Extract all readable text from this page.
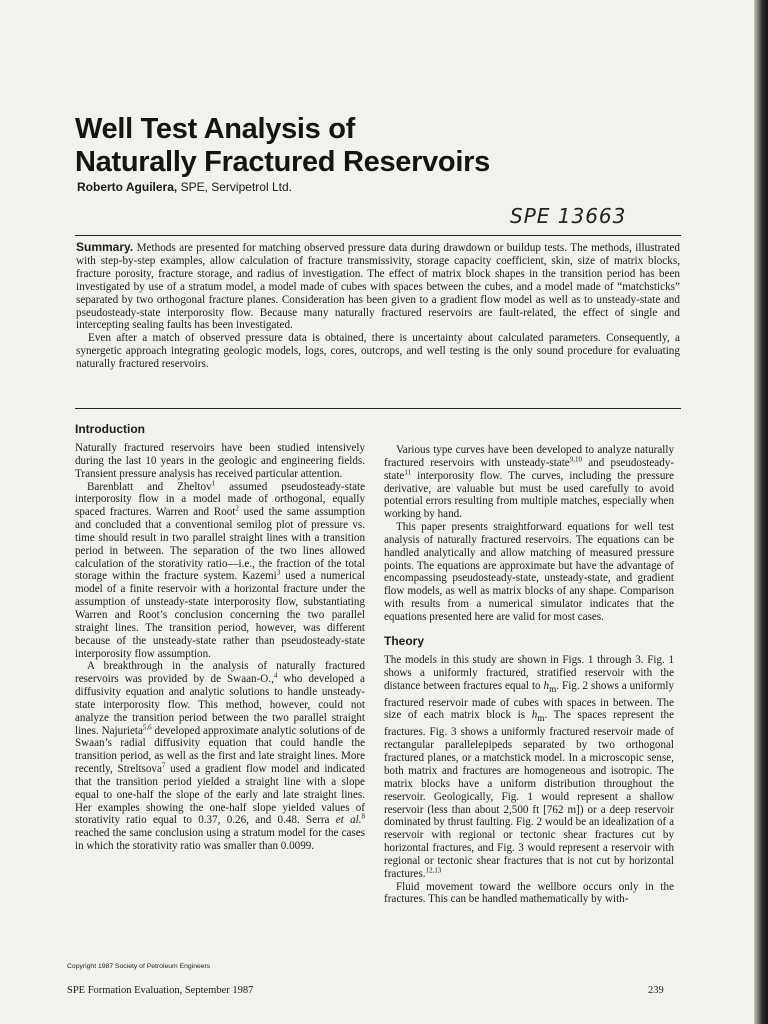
Well Test Analysis of
Naturally Fractured Reservoirs
Roberto Aguilera, SPE, Servipetrol Ltd.
SPE 13663

Summary. Methods are presented for matching observed pressure data during drawdown or buildup tests. The methods, illustrated with step-by-step examples, allow calculation of fracture transmissivity, storage capacity coefficient, skin, size of matrix blocks, fracture porosity, fracture storage, and radius of investigation. The effect of matrix block shapes in the transition period has been investigated by use of a stratum model, a model made of cubes with spaces between the cubes, and a model made of “matchsticks” separated by two orthogonal fracture planes. Consideration has been given to a gradient flow model as well as to unsteady-state and pseudosteady-state interporosity flow. Because many naturally fractured reservoirs are fault-related, the effect of single and intercepting sealing faults has been investigated.

Even after a match of observed pressure data is obtained, there is uncertainty about calculated parameters. Consequently, a synergetic approach integrating geologic models, logs, cores, outcrops, and well testing is the only sound procedure for evaluating naturally fractured reservoirs.

Introduction

Naturally fractured reservoirs have been studied intensively during the last 10 years in the geologic and engineering fields. Transient pressure analysis has received particular attention.

Barenblatt and Zheltov$^1$ assumed pseudosteady-state interporosity flow in a model made of orthogonal, equally spaced fractures. Warren and Root$^2$ used the same assumption and concluded that a conventional semilog plot of pressure vs. time should result in two parallel straight lines with a transition period in between. The separation of the two lines allowed calculation of the storativity ratio—i.e., the fraction of the total storage within the fracture system. Kazemi$^3$ used a numerical model of a finite reservoir with a horizontal fracture under the assumption of unsteady-state interporosity flow, substantiating Warren and Root’s conclusion concerning the two parallel straight lines. The transition period, however, was different because of the unsteady-state rather than pseudosteady-state interporosity flow assumption.

A breakthrough in the analysis of naturally fractured reservoirs was provided by de Swaan-O.,$^4$ who developed a diffusivity equation and analytic solutions to handle unsteady-state interporosity flow. This method, however, could not analyze the transition period between the two parallel straight lines. Najurieta$^{5,6}$ developed approximate analytic solutions of de Swaan’s radial diffusivity equation that could handle the transition period, as well as the first and late straight lines. More recently, Streltsova$^7$ used a gradient flow model and indicated that the transition period yielded a straight line with a slope equal to one-half the slope of the early and late straight lines. Her examples showing the one-half slope yielded values of storativity ratio equal to 0.37, 0.26, and 0.48. Serra et al.$^8$ reached the same conclusion using a stratum model for the cases in which the storativity ratio was smaller than 0.0099.

Various type curves have been developed to analyze naturally fractured reservoirs with unsteady-state$^{9,10}$ and pseudosteady-state$^{11}$ interporosity flow. The curves, including the pressure derivative, are valuable but must be used carefully to avoid potential errors resulting from multiple matches, especially when working by hand.

This paper presents straightforward equations for well test analysis of naturally fractured reservoirs. The equations can be handled analytically and allow matching of measured pressure points. The equations are approximate but have the advantage of encompassing pseudosteady-state, unsteady-state, and gradient flow models, as well as matrix blocks of any shape. Comparison with results from a numerical simulator indicates that the equations presented here are valid for most cases.

Theory

The models in this study are shown in Figs. 1 through 3. Fig. 1 shows a uniformly fractured, stratified reservoir with the distance between fractures equal to $h_m$. Fig. 2 shows a uniformly fractured reservoir made of cubes with spaces in between. The size of each matrix block is $h_m$. The spaces represent the fractures. Fig. 3 shows a uniformly fractured reservoir made of rectangular parallelepipeds separated by two orthogonal fractured planes, or a matchstick model. In a microscopic sense, both matrix and fractures are homogeneous and isotropic. The matrix blocks have a uniform distribution throughout the reservoir. Geologically, Fig. 1 would represent a shallow reservoir (less than about 2,500 ft [762 m]) or a deep reservoir dominated by thrust faulting. Fig. 2 would be an idealization of a reservoir with regional or tectonic shear fractures cut by horizontal fractures, and Fig. 3 would represent a reservoir with regional or tectonic shear fractures that is not cut by horizontal fractures.$^{12,13}$

Fluid movement toward the wellbore occurs only in the fractures. This can be handled mathematically by with-

Copyright 1987 Society of Petroleum Engineers
SPE Formation Evaluation, September 1987	239
